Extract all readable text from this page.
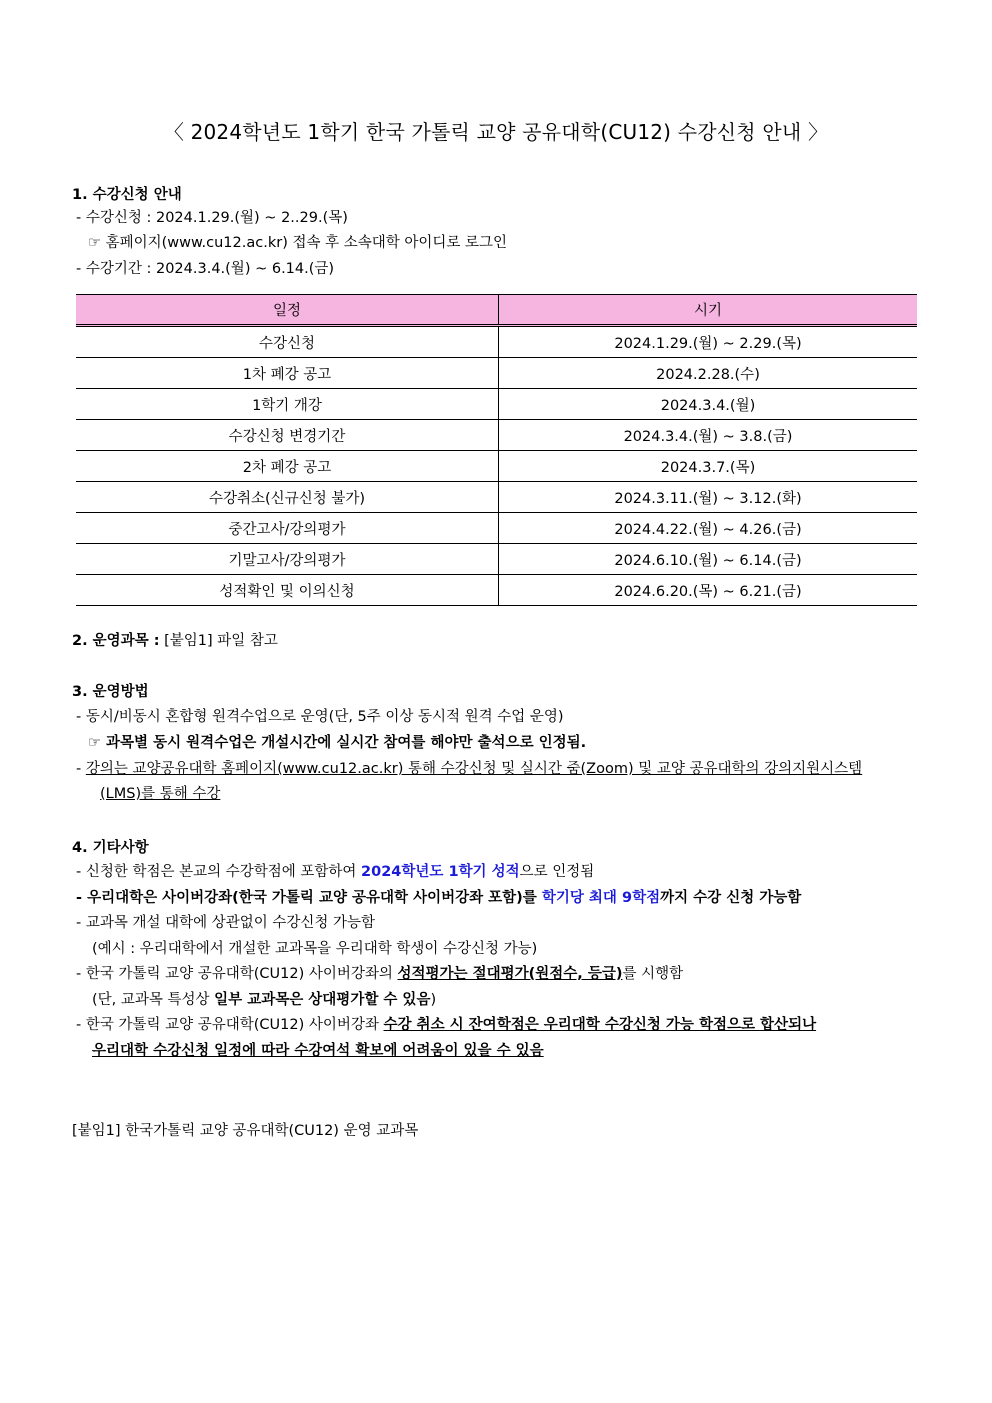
〈 2024학년도 1학기 한국 가톨릭 교양 공유대학(CU12) 수강신청 안내 〉
1. 수강신청 안내
- 수강신청 : 2024.1.29.(월) ~ 2..29.(목)
☞ 홈페이지(www.cu12.ac.kr) 접속 후 소속대학 아이디로 로그인
- 수강기간 : 2024.3.4.(월) ~ 6.14.(금)
일정	시기
수강신청	2024.1.29.(월) ~ 2.29.(목)
1차 폐강 공고	2024.2.28.(수)
1학기 개강	2024.3.4.(월)
수강신청 변경기간	2024.3.4.(월) ~ 3.8.(금)
2차 폐강 공고	2024.3.7.(목)
수강취소(신규신청 불가)	2024.3.11.(월) ~ 3.12.(화)
중간고사/강의평가	2024.4.22.(월) ~ 4.26.(금)
기말고사/강의평가	2024.6.10.(월) ~ 6.14.(금)
성적확인 및 이의신청	2024.6.20.(목) ~ 6.21.(금)
2. 운영과목 : [붙임1] 파일 참고
3. 운영방법
- 동시/비동시 혼합형 원격수업으로 운영(단, 5주 이상 동시적 원격 수업 운영)
☞ 과목별 동시 원격수업은 개설시간에 실시간 참여를 해야만 출석으로 인정됨.
- 강의는 교양공유대학 홈페이지(www.cu12.ac.kr) 통해 수강신청 및 실시간 줌(Zoom) 및 교양 공유대학의 강의지원시스템
(LMS)를 통해 수강
4. 기타사항
- 신청한 학점은 본교의 수강학점에 포함하여 2024학년도 1학기 성적으로 인정됨
- 우리대학은 사이버강좌(한국 가톨릭 교양 공유대학 사이버강좌 포함)를 학기당 최대 9학점까지 수강 신청 가능함
- 교과목 개설 대학에 상관없이 수강신청 가능함
(예시 : 우리대학에서 개설한 교과목을 우리대학 학생이 수강신청 가능)
- 한국 가톨릭 교양 공유대학(CU12) 사이버강좌의 성적평가는 절대평가(원점수, 등급)를 시행함
(단, 교과목 특성상 일부 교과목은 상대평가할 수 있음)
- 한국 가톨릭 교양 공유대학(CU12) 사이버강좌 수강 취소 시 잔여학점은 우리대학 수강신청 가능 학점으로 합산되나
우리대학 수강신청 일정에 따라 수강여석 확보에 어려움이 있을 수 있음
[붙임1] 한국가톨릭 교양 공유대학(CU12) 운영 교과목
